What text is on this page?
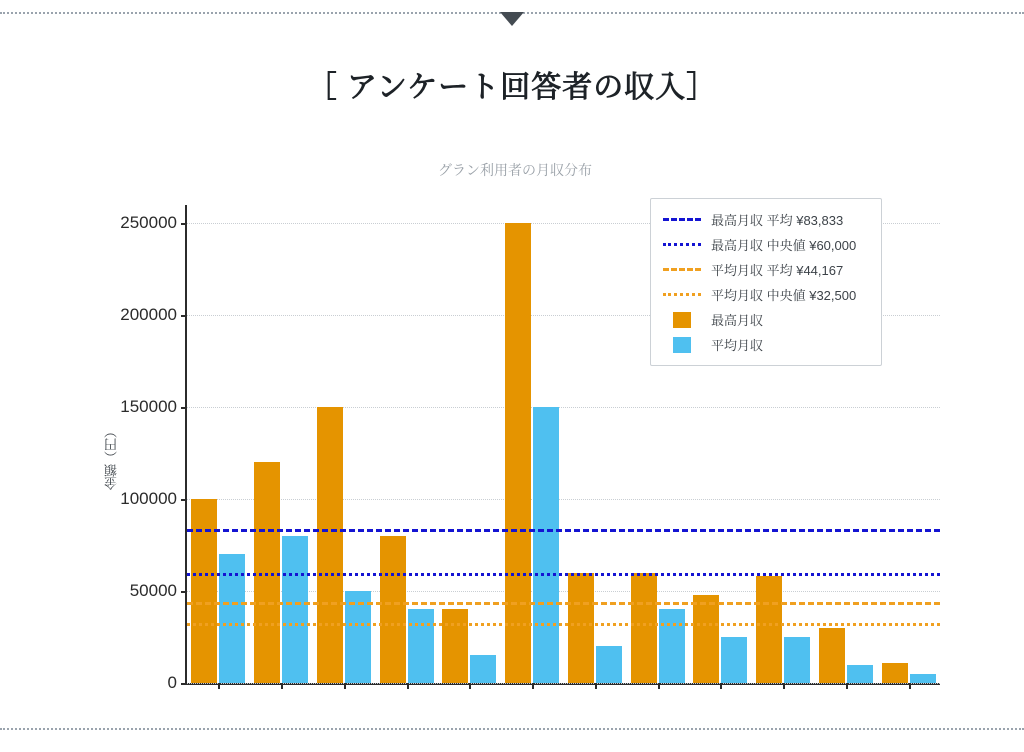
［ アンケート回答者の収入］
グラン利用者の月収分布
金額（円）
0
50000
100000
150000
200000
250000	最高月収 平均 ¥83,833
最高月収 中央値 ¥60,000
平均月収 平均 ¥44,167
平均月収 中央値 ¥32,500
最高月収
平均月収
